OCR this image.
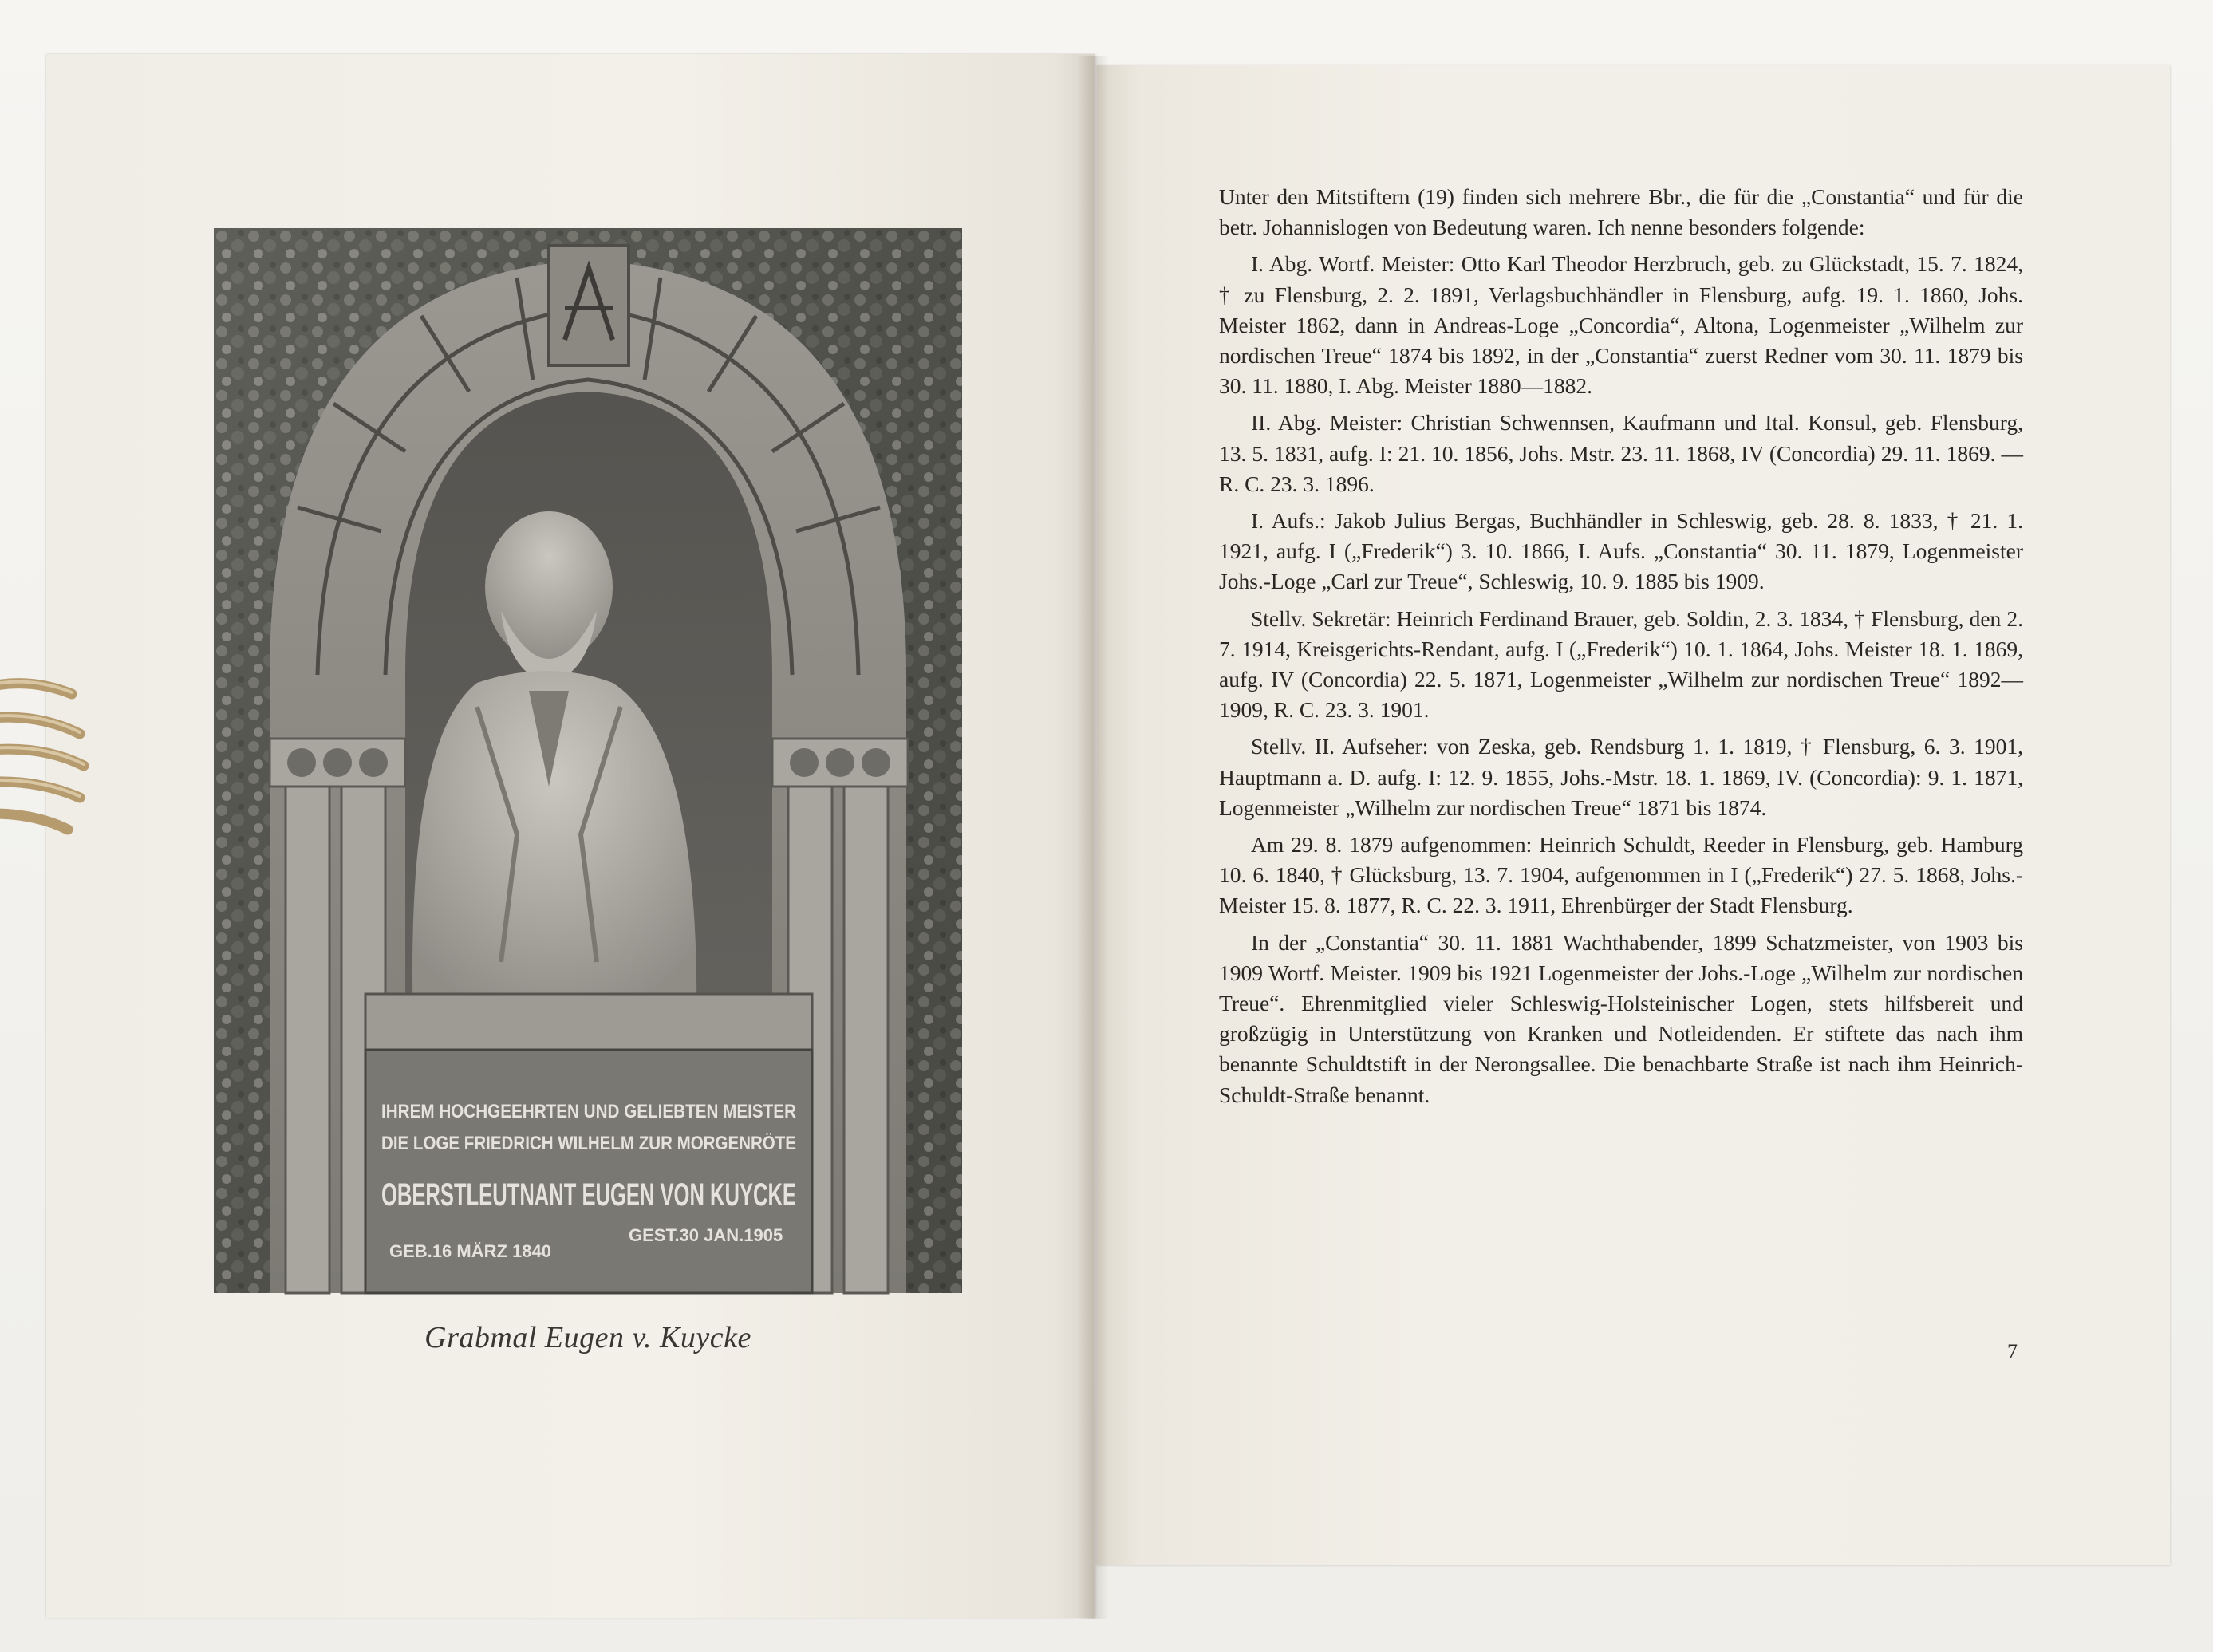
IHREM HOCHGEEHRTEN UND GELIEBTEN MEISTER
DIE LOGE FRIEDRICH WILHELM ZUR MORGENRÖTE
OBERSTLEUTNANT EUGEN VON KUYCKE
GEB.16 MÄRZ 1840
GEST.30 JAN.1905
Grabmal Eugen v. Kuycke

Unter den Mitstiftern (19) finden sich mehrere Bbr., die für die „Constantia“ und für die betr. Johannislogen von Bedeutung waren. Ich nenne besonders folgende:

I. Abg. Wortf. Meister: Otto Karl Theodor Herzbruch, geb. zu Glückstadt, 15. 7. 1824, † zu Flensburg, 2. 2. 1891, Verlagsbuchhändler in Flensburg, aufg. 19. 1. 1860, Johs. Meister 1862, dann in Andreas-Loge „Concordia“, Altona, Logenmeister „Wilhelm zur nordischen Treue“ 1874 bis 1892, in der „Constantia“ zuerst Redner vom 30. 11. 1879 bis 30. 11. 1880, I. Abg. Meister 1880—1882.

II. Abg. Meister: Christian Schwennsen, Kaufmann und Ital. Konsul, geb. Flensburg, 13. 5. 1831, aufg. I: 21. 10. 1856, Johs. Mstr. 23. 11. 1868, IV (Concordia) 29. 11. 1869. — R. C. 23. 3. 1896.

I. Aufs.: Jakob Julius Bergas, Buchhändler in Schleswig, geb. 28. 8. 1833, † 21. 1. 1921, aufg. I („Frederik“) 3. 10. 1866, I. Aufs. „Constantia“ 30. 11. 1879, Logenmeister Johs.-Loge „Carl zur Treue“, Schleswig, 10. 9. 1885 bis 1909.

Stellv. Sekretär: Heinrich Ferdinand Brauer, geb. Soldin, 2. 3. 1834, † Flensburg, den 2. 7. 1914, Kreisgerichts-Rendant, aufg. I („Frederik“) 10. 1. 1864, Johs. Meister 18. 1. 1869, aufg. IV (Concordia) 22. 5. 1871, Logenmeister „Wilhelm zur nordischen Treue“ 1892—1909, R. C. 23. 3. 1901.

Stellv. II. Aufseher: von Zeska, geb. Rendsburg 1. 1. 1819, † Flensburg, 6. 3. 1901, Hauptmann a. D. aufg. I: 12. 9. 1855, Johs.-Mstr. 18. 1. 1869, IV. (Concordia): 9. 1. 1871, Logenmeister „Wilhelm zur nordischen Treue“ 1871 bis 1874.

Am 29. 8. 1879 aufgenommen: Heinrich Schuldt, Reeder in Flensburg, geb. Hamburg 10. 6. 1840, † Glücksburg, 13. 7. 1904, aufgenommen in I („Frederik“) 27. 5. 1868, Johs.-Meister 15. 8. 1877, R. C. 22. 3. 1911, Ehrenbürger der Stadt Flensburg.

In der „Constantia“ 30. 11. 1881 Wachthabender, 1899 Schatzmeister, von 1903 bis 1909 Wortf. Meister. 1909 bis 1921 Logenmeister der Johs.-Loge „Wilhelm zur nordischen Treue“. Ehrenmitglied vieler Schleswig-Holsteinischer Logen, stets hilfsbereit und großzügig in Unterstützung von Kranken und Notleidenden. Er stiftete das nach ihm benannte Schuldtstift in der Nerongsallee. Die benachbarte Straße ist nach ihm Heinrich-Schuldt-Straße benannt.

7
